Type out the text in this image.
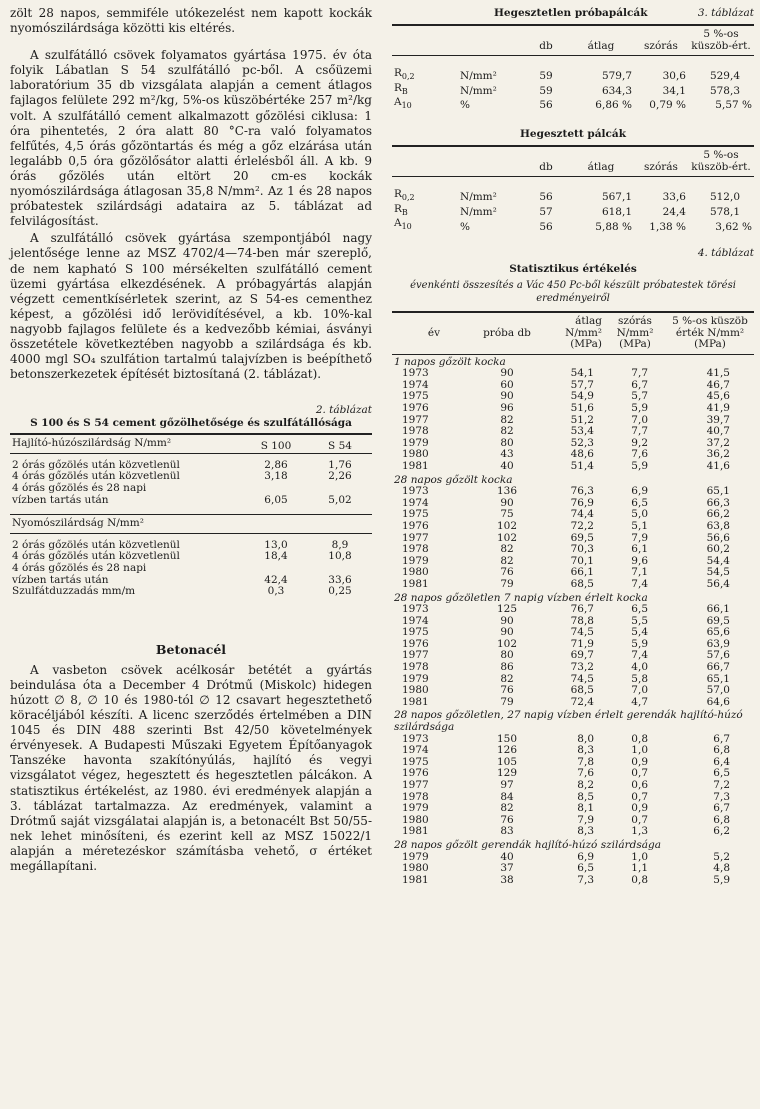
zölt 28 napos, semmiféle utókezelést nem kapott kockák nyomószilárdsága közötti kis eltérés.

A szulfátálló csövek folyamatos gyártása 1975. év óta folyik Lábatlan S 54 szulfátálló pc-ből. A csőüzemi laboratórium 35 db vizsgálata alapján a cement átlagos fajlagos felülete 292 m²/kg, 5%-os küszöbértéke 257 m²/kg volt. A szulfátálló cement alkalmazott gőzölési ciklusa: 1 óra pihentetés, 2 óra alatt 80 °C-ra való folyamatos felfűtés, 4,5 órás gőzöntartás és még a gőz elzárása után legalább 0,5 óra gőzölősátor alatti érlelésből áll. A kb. 9 órás gőzölés után eltört 20 cm-es kockák nyomószilárdsága átlagosan 35,8 N/mm². Az 1 és 28 napos próbatestek szilárdsági adataira az 5. táblázat ad felvilágosítást.

A szulfátálló csövek gyártása szempontjából nagy jelentősége lenne az MSZ 4702/4—74-ben már szereplő, de nem kapható S 100 mérsékelten szulfátálló cement üzemi gyártása elkezdésének. A próbagyártás alapján végzett cementkísérletek szerint, az S 54-es cementhez képest, a gőzölési idő lerövidítésével, a kb. 10%-kal nagyobb fajlagos felülete és a kedvezőbb kémiai, ásványi összetétele következtében nagyobb a szilárdsága és kb. 4000 mgl SO₄ szulfátion tartalmú talajvízben is beépíthető betonszerkezetek építését biztosítaná (2. táblázat).

2. táblázat
S 100 és S 54 cement gőzölhetősége és szulfátállósága
Hajlító-húzószilárdság N/mm²	S 100	S 54

2 órás gőzölés után közvetlenül	2,86	1,76
4 órás gőzölés után közvetlenül	3,18	2,26
4 órás gőzölés és 28 napi vízben tartás után	6,05	5,02

Nyomószilárdság N/mm²		

2 órás gőzölés után közvetlenül	13,0	8,9
4 órás gőzölés után közvetlenül	18,4	10,8
4 órás gőzölés és 28 napi vízben tartás után	42,4	33,6
Szulfátduzzadás mm/m	0,3	0,25
Betonacél

A vasbeton csövek acélkosár betétét a gyártás beindulása óta a December 4 Drótmű (Miskolc) hidegen húzott ∅ 8, ∅ 10 és 1980-tól ∅ 12 csavart hegesztethető köracéljából készíti. A licenc szerződés értelmében a DIN 1045 és DIN 488 szerinti Bst 42/50 követelmények érvényesek. A Budapesti Műszaki Egyetem Építőanyagok Tanszéke havonta szakítónyúlás, hajlító és vegyi vizsgálatot végez, hegesztett és hegesztetlen pálcákon. A statisztikus értékelést, az 1980. évi eredmények alapján a 3. táblázat tartalmazza. Az eredmények, valamint a Drótmű saját vizsgálatai alapján is, a betonacélt Bst 50/55-nek lehet minősíteni, és ezerint kell az MSZ 15022/1 alapján a méretezéskor számításba vehető, σ értéket megállapítani.

3. táblázat
Hegesztetlen próbapálcák
		db	átlag	szórás	5 %-os küszöb-ért.

$R_{0,2}$	N/mm²	59	579,7	30,6	529,4
$R_B$	N/mm²	59	634,3	34,1	578,3
$A_{10}$	%	56	6,86 %	0,79 %	5,57 %
Hegesztett pálcák
		db	átlag	szórás	5 %-os küszöb-ért.

$R_{0,2}$	N/mm²	56	567,1	33,6	512,0
$R_B$	N/mm²	57	618,1	24,4	578,1
$A_{10}$	%	56	5,88 %	1,38 %	3,62 %
4. táblázat
Statisztikus értékelés
évenkénti összesítés a Vác 450 Pc-ből készült próbatestek törési eredményeiről
év	próba db	átlag N/mm² (MPa)	szórás N/mm² (MPa)	5 %-os küszöb érték N/mm² (MPa)
1 napos gőzölt kocka				
1973	90	54,1	7,7	41,5
1974	60	57,7	6,7	46,7
1975	90	54,9	5,7	45,6
1976	96	51,6	5,9	41,9
1977	82	51,2	7,0	39,7
1978	82	53,4	7,7	40,7
1979	80	52,3	9,2	37,2
1980	43	48,6	7,6	36,2
1981	40	51,4	5,9	41,6
28 napos gőzölt kocka				
1973	136	76,3	6,9	65,1
1974	90	76,9	6,5	66,3
1975	75	74,4	5,0	66,2
1976	102	72,2	5,1	63,8
1977	102	69,5	7,9	56,6
1978	82	70,3	6,1	60,2
1979	82	70,1	9,6	54,4
1980	76	66,1	7,1	54,5
1981	79	68,5	7,4	56,4
28 napos gőzöletlen 7 napig vízben érlelt kocka				
1973	125	76,7	6,5	66,1
1974	90	78,8	5,5	69,5
1975	90	74,5	5,4	65,6
1976	102	71,9	5,9	63,9
1977	80	69,7	7,4	57,6
1978	86	73,2	4,0	66,7
1979	82	74,5	5,8	65,1
1980	76	68,5	7,0	57,0
1981	79	72,4	4,7	64,6
28 napos gőzöletlen, 27 napig vízben érlelt gerendák hajlító-húzó szilárdsága				
1973	150	8,0	0,8	6,7
1974	126	8,3	1,0	6,8
1975	105	7,8	0,9	6,4
1976	129	7,6	0,7	6,5
1977	97	8,2	0,6	7,2
1978	84	8,5	0,7	7,3
1979	82	8,1	0,9	6,7
1980	76	7,9	0,7	6,8
1981	83	8,3	1,3	6,2
28 napos gőzölt gerendák hajlító-húzó szilárdsága				
1979	40	6,9	1,0	5,2
1980	37	6,5	1,1	4,8
1981	38	7,3	0,8	5,9
